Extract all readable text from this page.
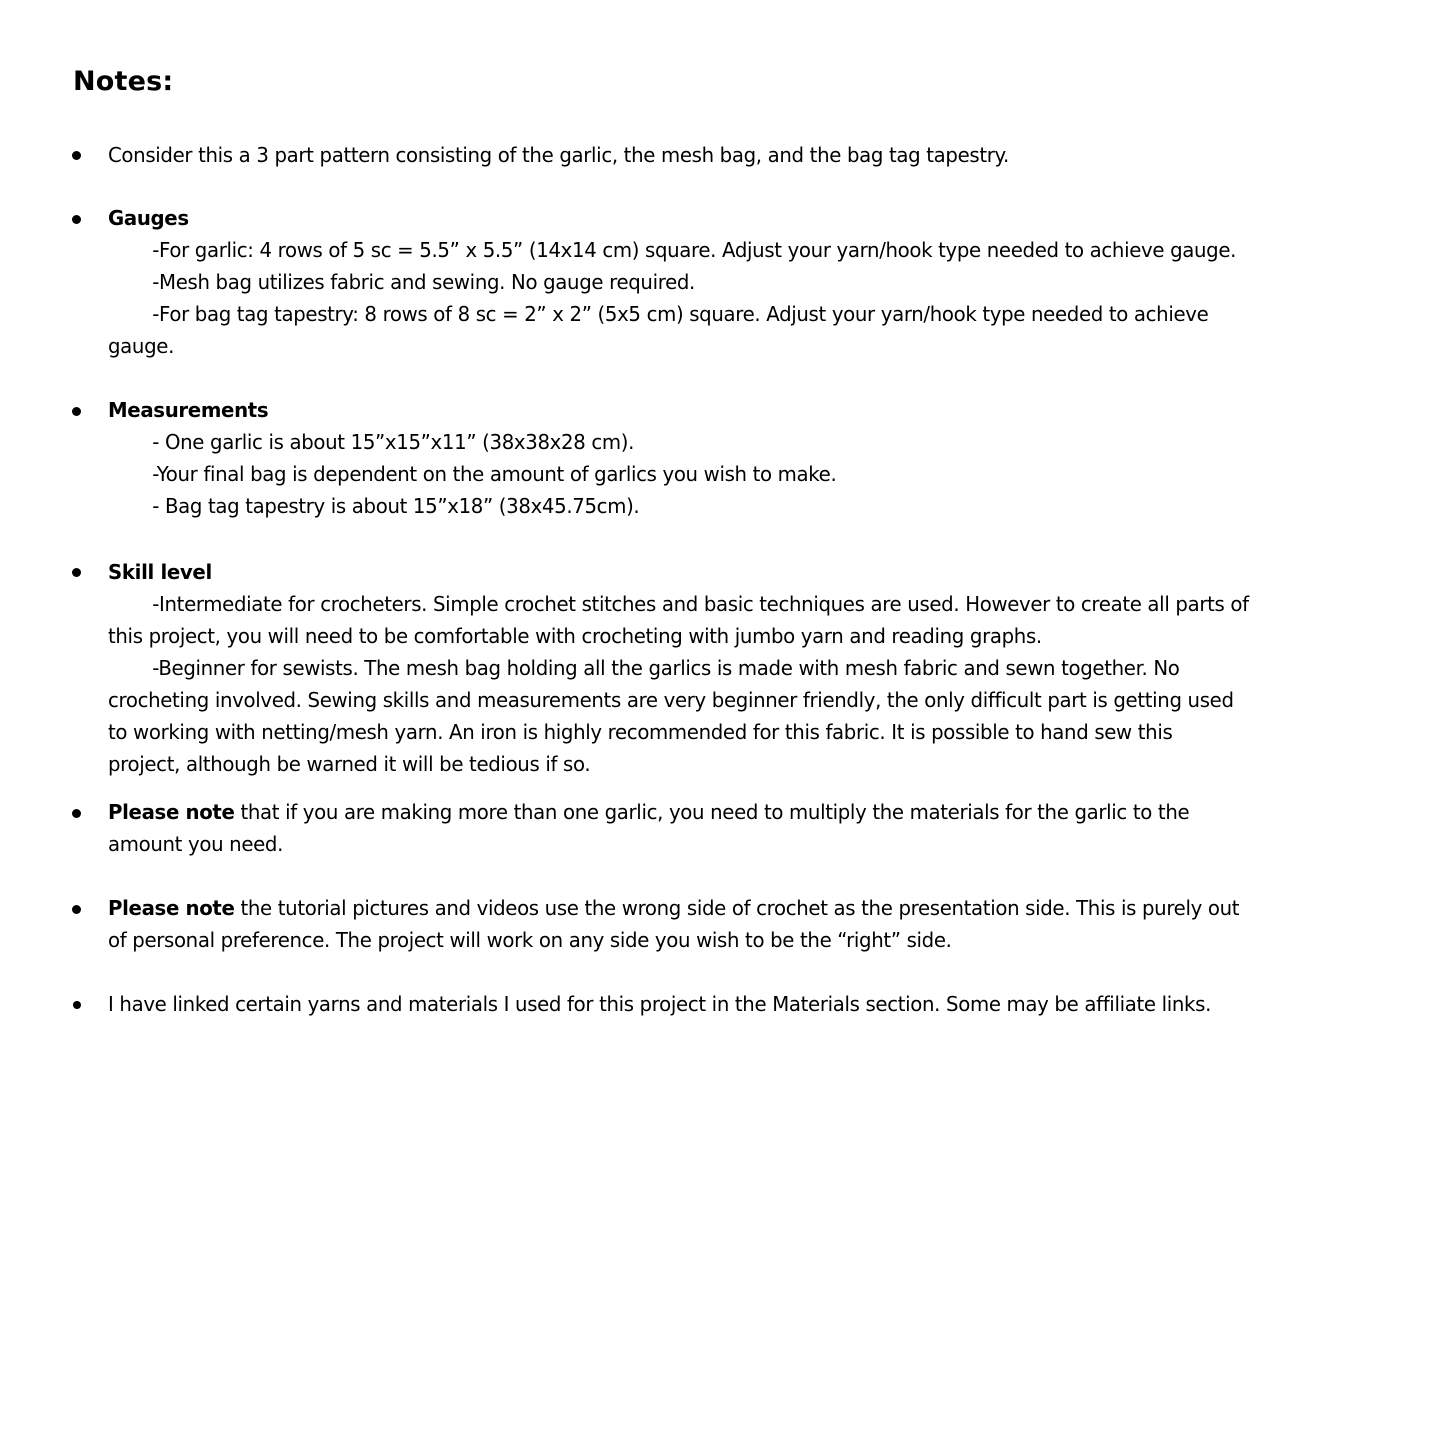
Notes:
Consider this a 3 part pattern consisting of the garlic, the mesh bag, and the bag tag tapestry.
Gauges
-For garlic: 4 rows of 5 sc = 5.5” x 5.5” (14x14 cm) square. Adjust your yarn/hook type needed to achieve gauge.
-Mesh bag utilizes fabric and sewing. No gauge required.
-For bag tag tapestry: 8 rows of 8 sc = 2” x 2” (5x5 cm) square. Adjust your yarn/hook type needed to achieve
gauge.
Measurements
- One garlic is about 15”x15”x11” (38x38x28 cm).
-Your final bag is dependent on the amount of garlics you wish to make.
- Bag tag tapestry is about 15”x18” (38x45.75cm).
Skill level
-Intermediate for crocheters. Simple crochet stitches and basic techniques are used. However to create all parts of
this project, you will need to be comfortable with crocheting with jumbo yarn and reading graphs.
-Beginner for sewists. The mesh bag holding all the garlics is made with mesh fabric and sewn together. No
crocheting involved. Sewing skills and measurements are very beginner friendly, the only difficult part is getting used
to working with netting/mesh yarn. An iron is highly recommended for this fabric. It is possible to hand sew this
project, although be warned it will be tedious if so.
Please note that if you are making more than one garlic, you need to multiply the materials for the garlic to the
amount you need.
Please note the tutorial pictures and videos use the wrong side of crochet as the presentation side. This is purely out
of personal preference. The project will work on any side you wish to be the “right” side.
I have linked certain yarns and materials I used for this project in the Materials section. Some may be affiliate links.
